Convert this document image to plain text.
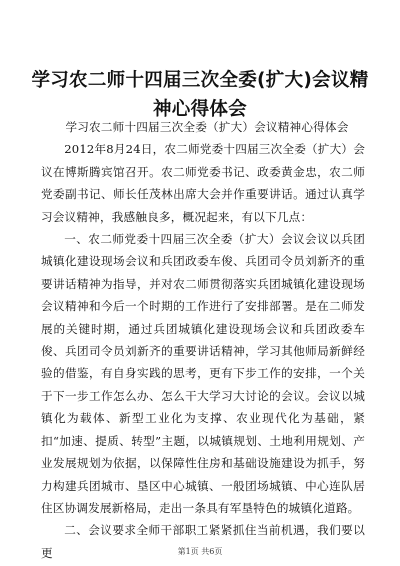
学习农二师十四届三次全委(扩大)会议精神心得体会

学习农二师十四届三次全委（扩大）会议精神心得体会

2012年8月24日，农二师党委十四届三次全委（扩大）会议在博斯腾宾馆召开。农二师党委书记、政委黄金忠，农二师党委副书记、师长任茂林出席大会并作重要讲话。通过认真学习会议精神，我感触良多，概况起来，有以下几点：

一、农二师党委十四届三次全委（扩大）会议会议以兵团城镇化建设现场会议和兵团政委车俊、兵团司令员刘新齐的重要讲话精神为指导，并对农二师贯彻落实兵团城镇化建设现场会议精神和今后一个时期的工作进行了安排部署。是在二师发展的关键时期，通过兵团城镇化建设现场会议和兵团政委车俊、兵团司令员刘新齐的重要讲话精神，学习其他师局新鲜经验的借鉴，有自身实践的思考，更有下步工作的安排，一个关于下一步工作怎么办、怎么干大学习大讨论的会议。会议以城镇化为载体、新型工业化为支撑、农业现代化为基础，紧扣“加速、提质、转型”主题，以城镇规划、土地利用规划、产业发展规划为依据，以保障性住房和基础设施建设为抓手，努力构建兵团城市、垦区中心城镇、一般团场城镇、中心连队居住区协调发展新格局，走出一条具有军垦特色的城镇化道路。

二、会议要求全师干部职工紧紧抓住当前机遇，我们要以更	第1页 共6页
